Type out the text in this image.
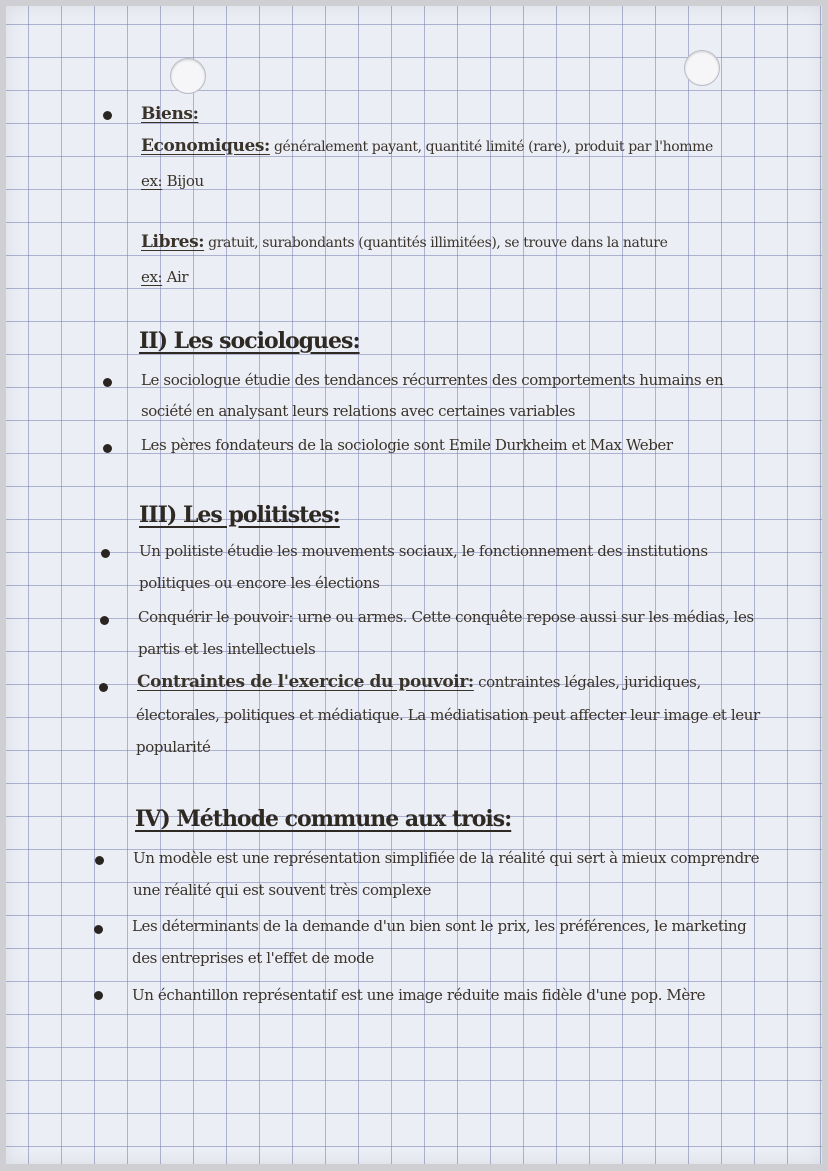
Biens:
Economiques: généralement payant, quantité limité (rare), produit par l'homme
ex: Bijou
Libres: gratuit, surabondants (quantités illimitées), se trouve dans la nature
ex: Air
II) Les sociologues:
Le sociologue étudie des tendances récurrentes des comportements humains en
société en analysant leurs relations avec certaines variables
Les pères fondateurs de la sociologie sont Emile Durkheim et Max Weber
III) Les politistes:
Un politiste étudie les mouvements sociaux, le fonctionnement des institutions
politiques ou encore les élections
Conquérir le pouvoir: urne ou armes. Cette conquête repose aussi sur les médias, les
partis et les intellectuels
Contraintes de l'exercice du pouvoir: contraintes légales, juridiques,
électorales, politiques et médiatique. La médiatisation peut affecter leur image et leur
popularité
IV) Méthode commune aux trois:
Un modèle est une représentation simplifiée de la réalité qui sert à mieux comprendre
une réalité qui est souvent très complexe
Les déterminants de la demande d'un bien sont le prix, les préférences, le marketing
des entreprises et l'effet de mode
Un échantillon représentatif est une image réduite mais fidèle d'une pop. Mère
